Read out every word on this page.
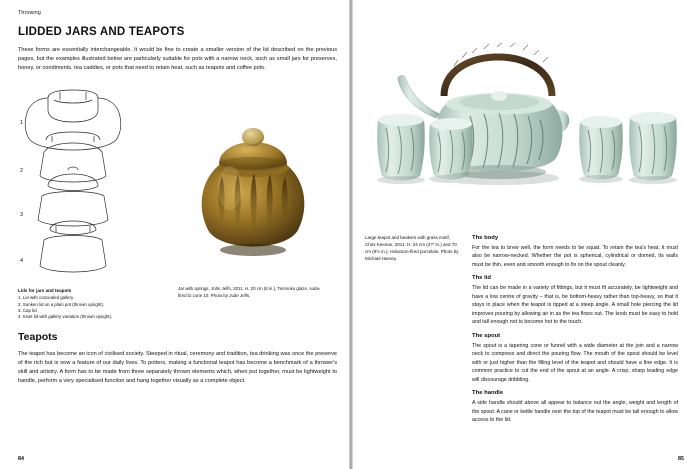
Throwing
LIDDED JARS AND TEAPOTS

These forms are essentially interchangeable. It would be fine to create a smaller version of the lid described on the previous pages, but the examples illustrated below are particularly suitable for pots with a narrow neck, such as small jars for preserves, honey, or condiments, tea caddies, or pots that need to retain heat, such as teapots and coffee pots.

1
2
3
4
Lids for jars and teapots
1. Lid with concealed gallery.
2. Sunken lid on a plain pot (thrown upright).
3. Cap lid.
4. Inset lid with gallery variation (thrown upright).
Jar with springs, John Jelfs, 2011. H. 20 cm (8 in.), Tenmoku glaze, soda-fired to cone 10. Photo by Jude Jelfs.
Teapots

The teapot has become an icon of civilised society. Steeped in ritual, ceremony and tradition, tea drinking was once the preserve of the rich but is now a feature of our daily lives. To potters, making a functional teapot has become a benchmark of a thrower's skill and artistry. A form has to be made from three separately thrown elements which, when put together, must be lightweight to handle, perform a very specialised function and hang together visually as a complete object.

84

Large teapot and beakers with grass motif, Chris Keenan, 2011. H. 24 cm (2?" in.) and 70 cm (9½ in.), reduction-fired porcelain. Photo by Michael Harvey.

The body

For the tea to brew well, the form needs to be squat. To retain the tea's heat, it must also be narrow-necked. Whether the pot is spherical, cylindrical or domed, its walls must be thin, even and smooth enough to fix on the spout cleanly.

The lid

The lid can be made in a variety of fittings, but it must fit accurately, be lightweight and have a low centre of gravity – that is, be bottom-heavy rather than top-heavy, so that it stays in place when the teapot is tipped at a steep angle. A small hole piercing the lid improves pouring by allowing air in as the tea flows out. The knob must be easy to hold and tall enough not to become hot to the touch.

The spout

The spout is a tapering cone or funnel with a wide diameter at the join and a narrow neck to compress and direct the pouring flow. The mouth of the spout should be level with or just higher than the filling level of the teapot and should have a fine edge. It is common practice to cut the end of the spout at an angle. A crisp, sharp leading edge will discourage dribbling.

The handle

A side handle should above all appear to balance out the angle, weight and length of the spout. A cane or kettle handle over the top of the teapot must be tall enough to allow access to the lid.

85
